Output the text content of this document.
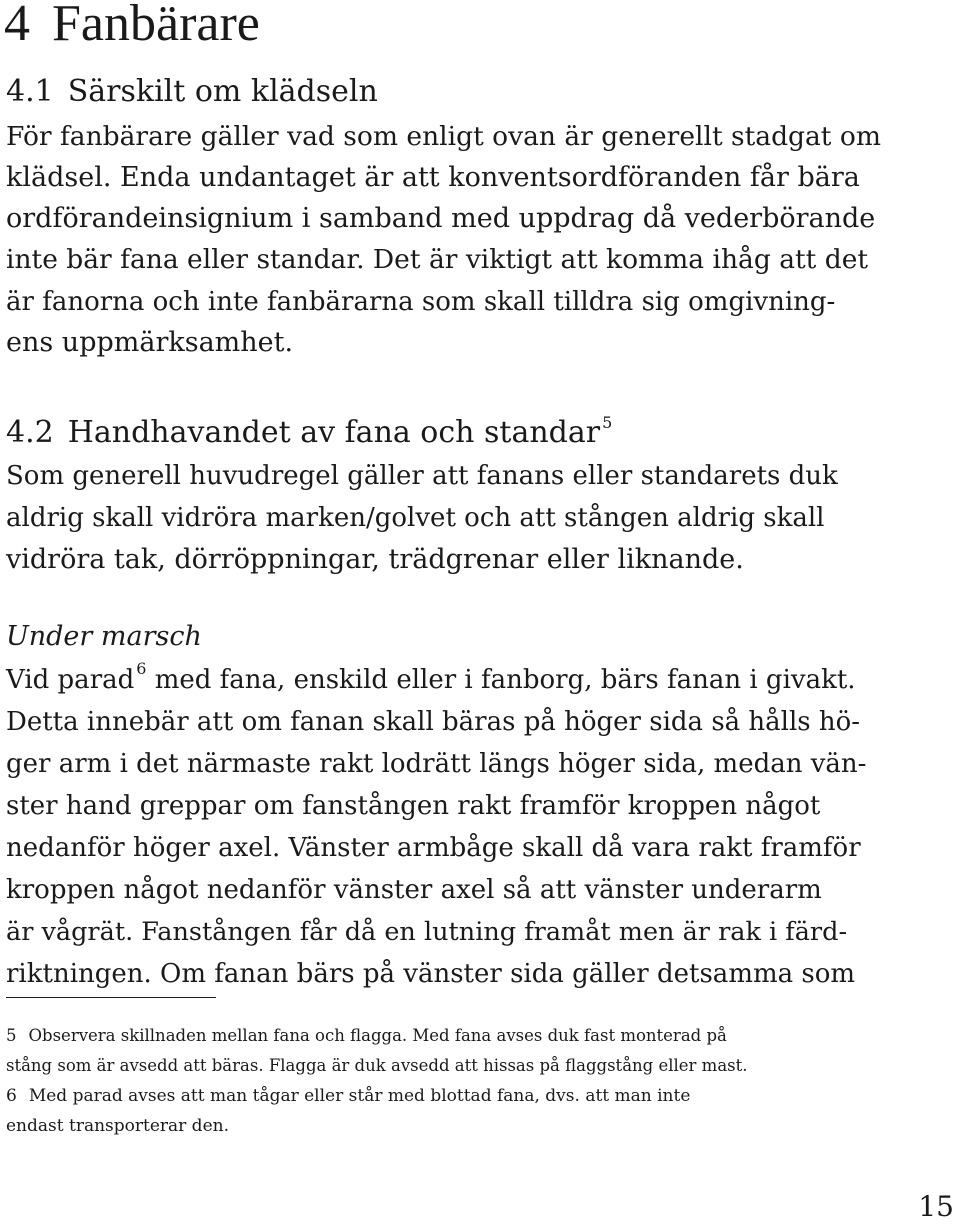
4 Fanbärare
4.1 Särskilt om klädseln
För fanbärare gäller vad som enligt ovan är generellt stadgat om
klädsel. Enda undantaget är att konventsordföranden får bära
ordförandeinsignium i samband med uppdrag då vederbörande
inte bär fana eller standar. Det är viktigt att komma ihåg att det
är fanorna och inte fanbärarna som skall tilldra sig omgivning-
ens uppmärksamhet.
4.2 Handhavandet av fana och standar $^5$
Som generell huvudregel gäller att fanans eller standarets duk
aldrig skall vidröra marken/golvet och att stången aldrig skall
vidröra tak, dörröppningar, trädgrenar eller liknande.
Under marsch
Vid parad $^6$ med fana, enskild eller i fanborg, bärs fanan i givakt.
Detta innebär att om fanan skall bäras på höger sida så hålls hö-
ger arm i det närmaste rakt lodrätt längs höger sida, medan vän-
ster hand greppar om fanstången rakt framför kroppen något
nedanför höger axel. Vänster armbåge skall då vara rakt framför
kroppen något nedanför vänster axel så att vänster underarm
är vågrät. Fanstången får då en lutning framåt men är rak i färd-
riktningen. Om fanan bärs på vänster sida gäller detsamma som
5 Observera skillnaden mellan fana och flagga. Med fana avses duk fast monterad på
stång som är avsedd att bäras. Flagga är duk avsedd att hissas på flaggstång eller mast.
6 Med parad avses att man tågar eller står med blottad fana, dvs. att man inte
endast transporterar den.
15
